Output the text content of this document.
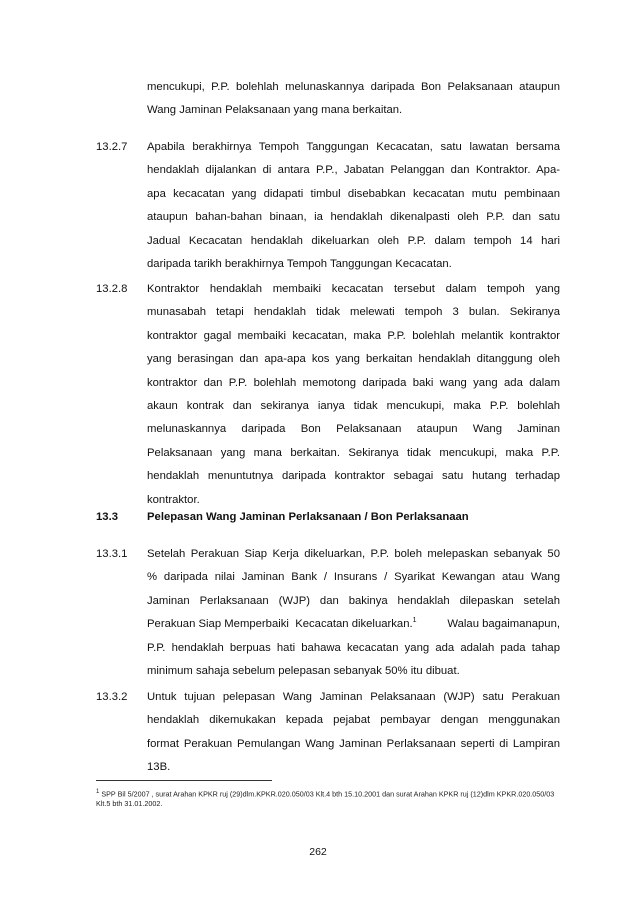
mencukupi, P.P. bolehlah melunaskannya daripada Bon Pelaksanaan ataupun
Wang Jaminan Pelaksanaan yang mana berkaitan.
13.2.7 Apabila berakhirnya Tempoh Tanggungan Kecacatan, satu lawatan bersama
hendaklah dijalankan di antara P.P., Jabatan Pelanggan dan Kontraktor. Apa-
apa kecacatan yang didapati timbul disebabkan kecacatan mutu pembinaan
ataupun bahan-bahan binaan, ia hendaklah dikenalpasti oleh P.P. dan satu
Jadual Kecacatan hendaklah dikeluarkan oleh P.P. dalam tempoh 14 hari
daripada tarikh berakhirnya Tempoh Tanggungan Kecacatan.
13.2.8 Kontraktor hendaklah membaiki kecacatan tersebut dalam tempoh yang
munasabah tetapi hendaklah tidak melewati tempoh 3 bulan. Sekiranya
kontraktor gagal membaiki kecacatan, maka P.P. bolehlah melantik kontraktor
yang berasingan dan apa-apa kos yang berkaitan hendaklah ditanggung oleh
kontraktor dan P.P. bolehlah memotong daripada baki wang yang ada dalam
akaun kontrak dan sekiranya ianya tidak mencukupi, maka P.P. bolehlah
melunaskannya daripada Bon Pelaksanaan ataupun Wang Jaminan
Pelaksanaan yang mana berkaitan. Sekiranya tidak mencukupi, maka P.P.
hendaklah menuntutnya daripada kontraktor sebagai satu hutang terhadap
kontraktor.
13.3	Pelepasan Wang Jaminan Perlaksanaan / Bon Perlaksanaan
13.3.1 Setelah Perakuan Siap Kerja dikeluarkan, P.P. boleh melepaskan sebanyak 50
% daripada nilai Jaminan Bank / Insurans / Syarikat Kewangan atau Wang
Jaminan Perlaksanaan (WJP) dan bakinya hendaklah dilepaskan setelah
Perakuan Siap Memperbaiki  Kecacatan dikeluarkan.$^1$ Walau bagaimanapun,
P.P. hendaklah berpuas hati bahawa kecacatan yang ada adalah pada tahap
minimum sahaja sebelum pelepasan sebanyak 50% itu dibuat.
13.3.2 Untuk tujuan pelepasan Wang Jaminan Pelaksanaan (WJP) satu Perakuan
hendaklah dikemukakan kepada pejabat pembayar dengan menggunakan
format Perakuan Pemulangan Wang Jaminan Perlaksanaan seperti di Lampiran
13B.
$^1$ SPP Bil 5/2007 , surat Arahan KPKR ruj (29)dlm.KPKR.020.050/03 Klt.4 bth 15.10.2001 dan surat Arahan KPKR ruj (12)dlm KPKR.020.050/03 Klt.5 bth 31.01.2002.
262
